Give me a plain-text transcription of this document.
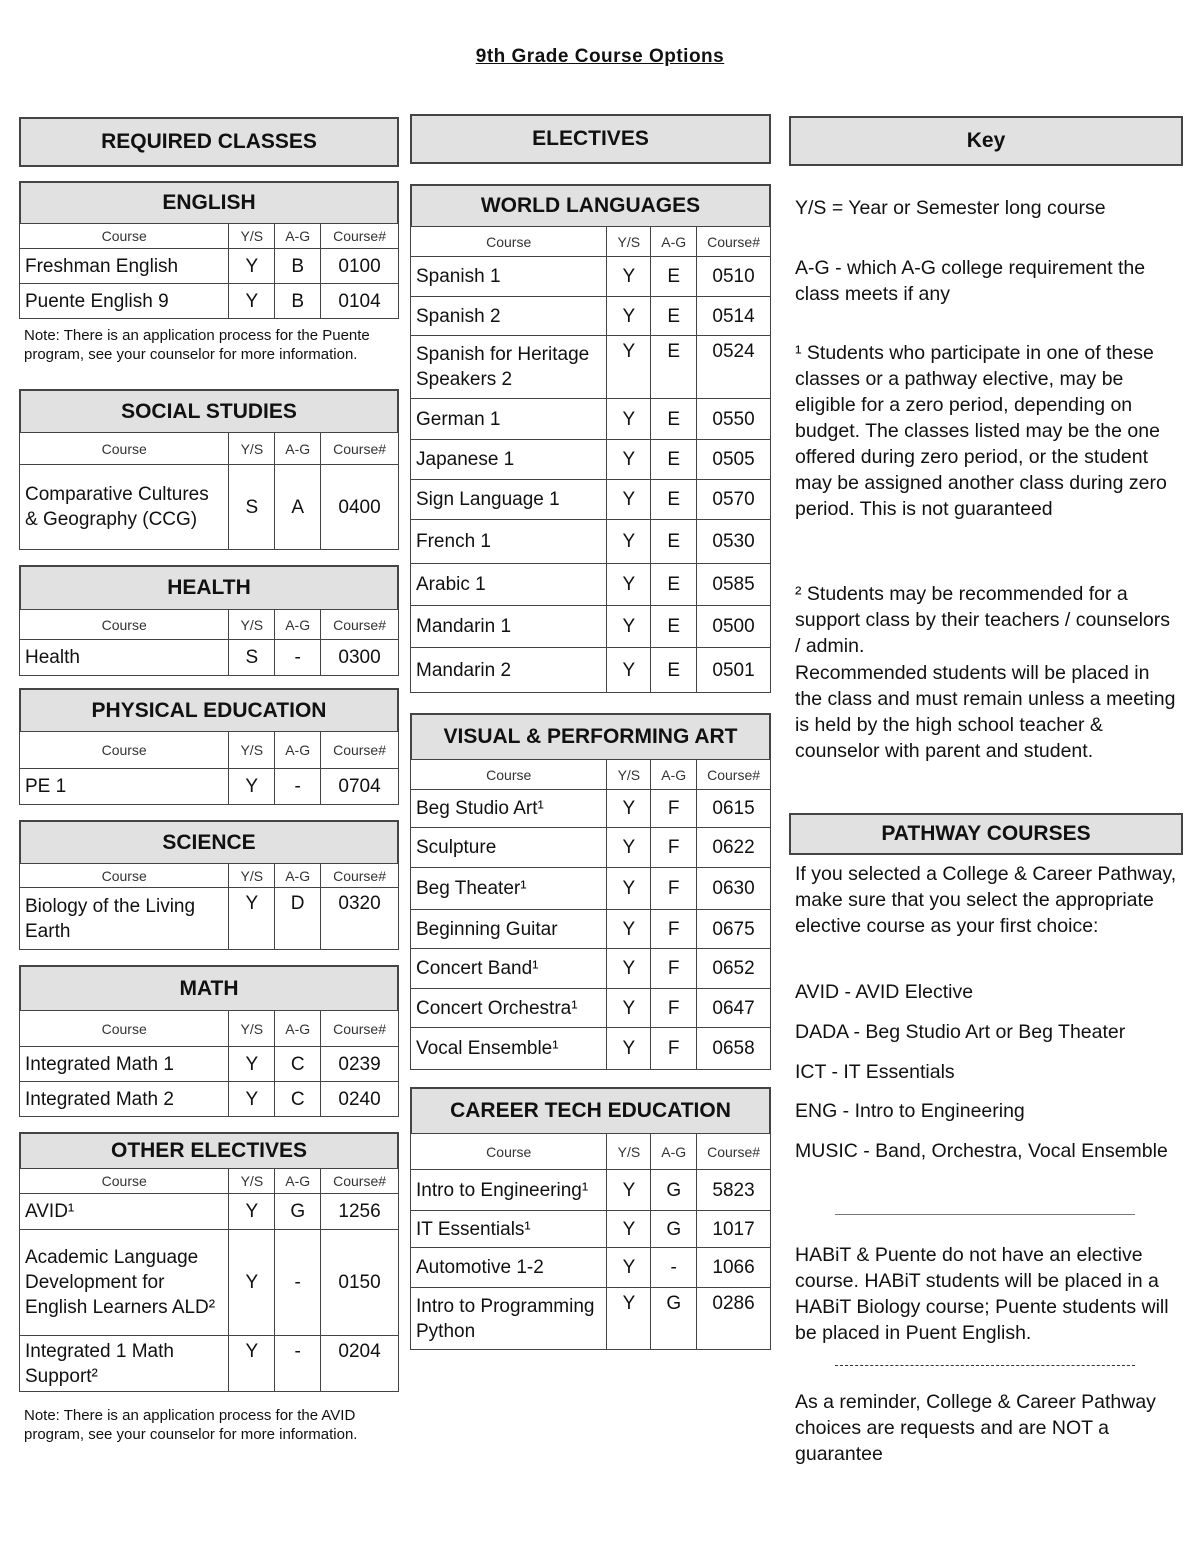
9th Grade Course Options
REQUIRED CLASSES	ELECTIVES	Key
ENGLISH
Course	Y/S	A-G	Course#
Freshman English	Y	B	0100
Puente English 9	Y	B	0104
Note: There is an application process for the Puente program, see your counselor for more information.
SOCIAL STUDIES
Course	Y/S	A-G	Course#
Comparative Cultures & Geography (CCG)	S	A	0400
HEALTH
Course	Y/S	A-G	Course#
Health	S	-	0300
PHYSICAL EDUCATION
Course	Y/S	A-G	Course#
PE 1	Y	-	0704
SCIENCE
Course	Y/S	A-G	Course#
Biology of the Living Earth	Y	D	0320
MATH
Course	Y/S	A-G	Course#
Integrated Math 1	Y	C	0239
Integrated Math 2	Y	C	0240
OTHER ELECTIVES
Course	Y/S	A-G	Course#
AVID¹	Y	G	1256
Academic Language Development for English Learners ALD²	Y	-	0150
Integrated 1 Math Support²	Y	-	0204
Note: There is an application process for the AVID program, see your counselor for more information.
WORLD LANGUAGES
Course	Y/S	A-G	Course#
Spanish 1	Y	E	0510
Spanish 2	Y	E	0514
Spanish for Heritage Speakers 2	Y	E	0524
German 1	Y	E	0550
Japanese 1	Y	E	0505
Sign Language 1	Y	E	0570
French 1	Y	E	0530
Arabic 1	Y	E	0585
Mandarin 1	Y	E	0500
Mandarin 2	Y	E	0501
VISUAL & PERFORMING ART
Course	Y/S	A-G	Course#
Beg Studio Art¹	Y	F	0615
Sculpture	Y	F	0622
Beg Theater¹	Y	F	0630
Beginning Guitar	Y	F	0675
Concert Band¹	Y	F	0652
Concert Orchestra¹	Y	F	0647
Vocal Ensemble¹	Y	F	0658
CAREER TECH EDUCATION
Course	Y/S	A-G	Course#
Intro to Engineering¹	Y	G	5823
IT Essentials¹	Y	G	1017
Automotive 1-2	Y	-	1066
Intro to Programming Python	Y	G	0286
Y/S = Year or Semester long course
A-G - which A-G college requirement the class meets if any
¹ Students who participate in one of these classes or a pathway elective, may be eligible for a zero period, depending on budget. The classes listed may be the one offered during zero period, or the student may be assigned another class during zero period. This is not guaranteed
² Students may be recommended for a support class by their teachers / counselors / admin.
Recommended students will be placed in the class and must remain unless a meeting is held by the high school teacher & counselor with parent and student.
PATHWAY COURSES
If you selected a College & Career Pathway, make sure that you select the appropriate elective course as your first choice:
AVID - AVID Elective
DADA - Beg Studio Art or Beg Theater
ICT - IT Essentials
ENG - Intro to Engineering
MUSIC - Band, Orchestra, Vocal Ensemble
HABiT & Puente do not have an elective course. HABiT students will be placed in a HABiT Biology course; Puente students will be placed in Puent English.
As a reminder, College & Career Pathway choices are requests and are NOT a guarantee
